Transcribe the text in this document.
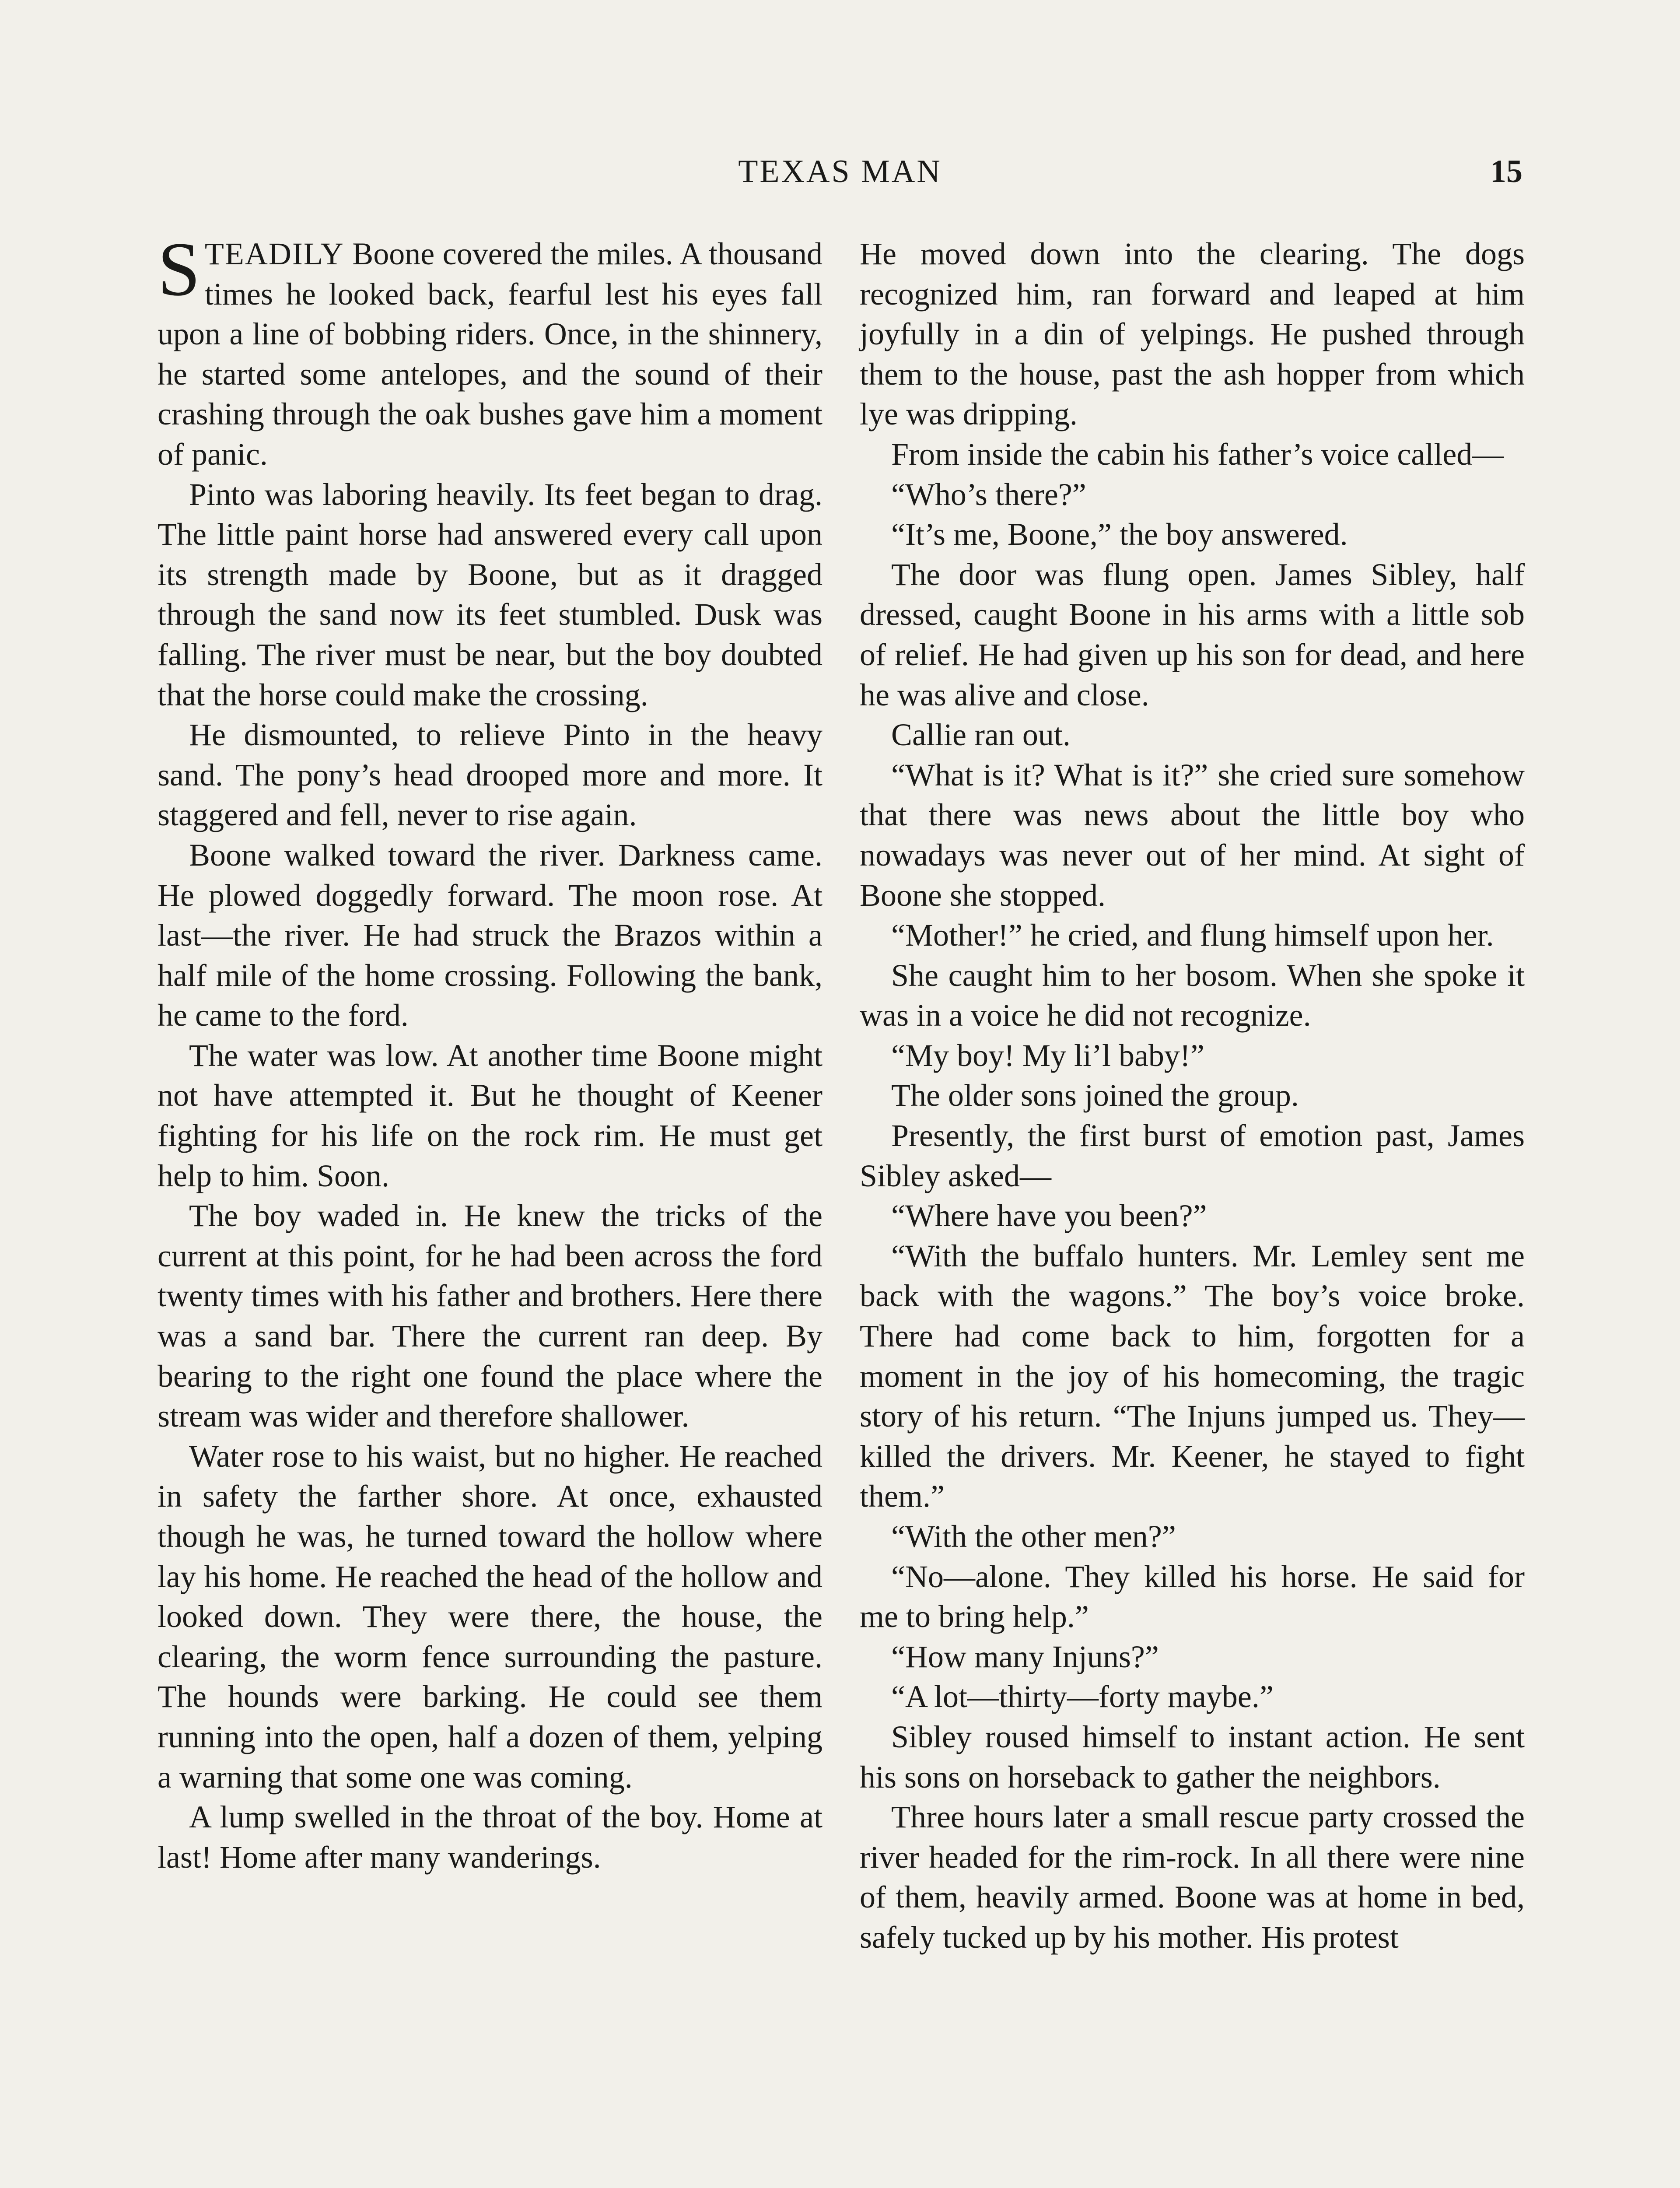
TEXAS MAN	15

STEADILY Boone covered the miles. A thousand times he looked back, fearful lest his eyes fall upon a line of bobbing riders. Once, in the shinnery, he started some antelopes, and the sound of their crashing through the oak bushes gave him a moment of panic.

Pinto was laboring heavily. Its feet began to drag. The little paint horse had answered every call upon its strength made by Boone, but as it dragged through the sand now its feet stumbled. Dusk was falling. The river must be near, but the boy doubted that the horse could make the crossing.

He dismounted, to relieve Pinto in the heavy sand. The pony’s head drooped more and more. It staggered and fell, never to rise again.

Boone walked toward the river. Darkness came. He plowed doggedly forward. The moon rose. At last—the river. He had struck the Brazos within a half mile of the home crossing. Following the bank, he came to the ford.

The water was low. At another time Boone might not have attempted it. But he thought of Keener fighting for his life on the rock rim. He must get help to him. Soon.

The boy waded in. He knew the tricks of the current at this point, for he had been across the ford twenty times with his father and brothers. Here there was a sand bar. There the current ran deep. By bearing to the right one found the place where the stream was wider and therefore shallower.

Water rose to his waist, but no higher. He reached in safety the farther shore. At once, exhausted though he was, he turned toward the hollow where lay his home. He reached the head of the hollow and looked down. They were there, the house, the clearing, the worm fence surrounding the pasture. The hounds were barking. He could see them running into the open, half a dozen of them, yelping a warning that some one was coming.

A lump swelled in the throat of the boy. Home at last! Home after many wanderings.

He moved down into the clearing. The dogs recognized him, ran forward and leaped at him joyfully in a din of yelpings. He pushed through them to the house, past the ash hopper from which lye was dripping.

From inside the cabin his father’s voice called—

“Who’s there?”

“It’s me, Boone,” the boy answered.

The door was flung open. James Sibley, half dressed, caught Boone in his arms with a little sob of relief. He had given up his son for dead, and here he was alive and close.

Callie ran out.

“What is it? What is it?” she cried sure somehow that there was news about the little boy who nowadays was never out of her mind. At sight of Boone she stopped.

“Mother!” he cried, and flung himself upon her.

She caught him to her bosom. When she spoke it was in a voice he did not recognize.

“My boy! My li’l baby!”

The older sons joined the group.

Presently, the first burst of emotion past, James Sibley asked—

“Where have you been?”

“With the buffalo hunters. Mr. Lemley sent me back with the wagons.” The boy’s voice broke. There had come back to him, forgotten for a moment in the joy of his homecoming, the tragic story of his return. “The Injuns jumped us. They—killed the drivers. Mr. Keener, he stayed to fight them.”

“With the other men?”

“No—alone. They killed his horse. He said for me to bring help.”

“How many Injuns?”

“A lot—thirty—forty maybe.”

Sibley roused himself to instant action. He sent his sons on horseback to gather the neighbors.

Three hours later a small rescue party crossed the river headed for the rim-rock. In all there were nine of them, heavily armed. Boone was at home in bed, safely tucked up by his mother. His protest
